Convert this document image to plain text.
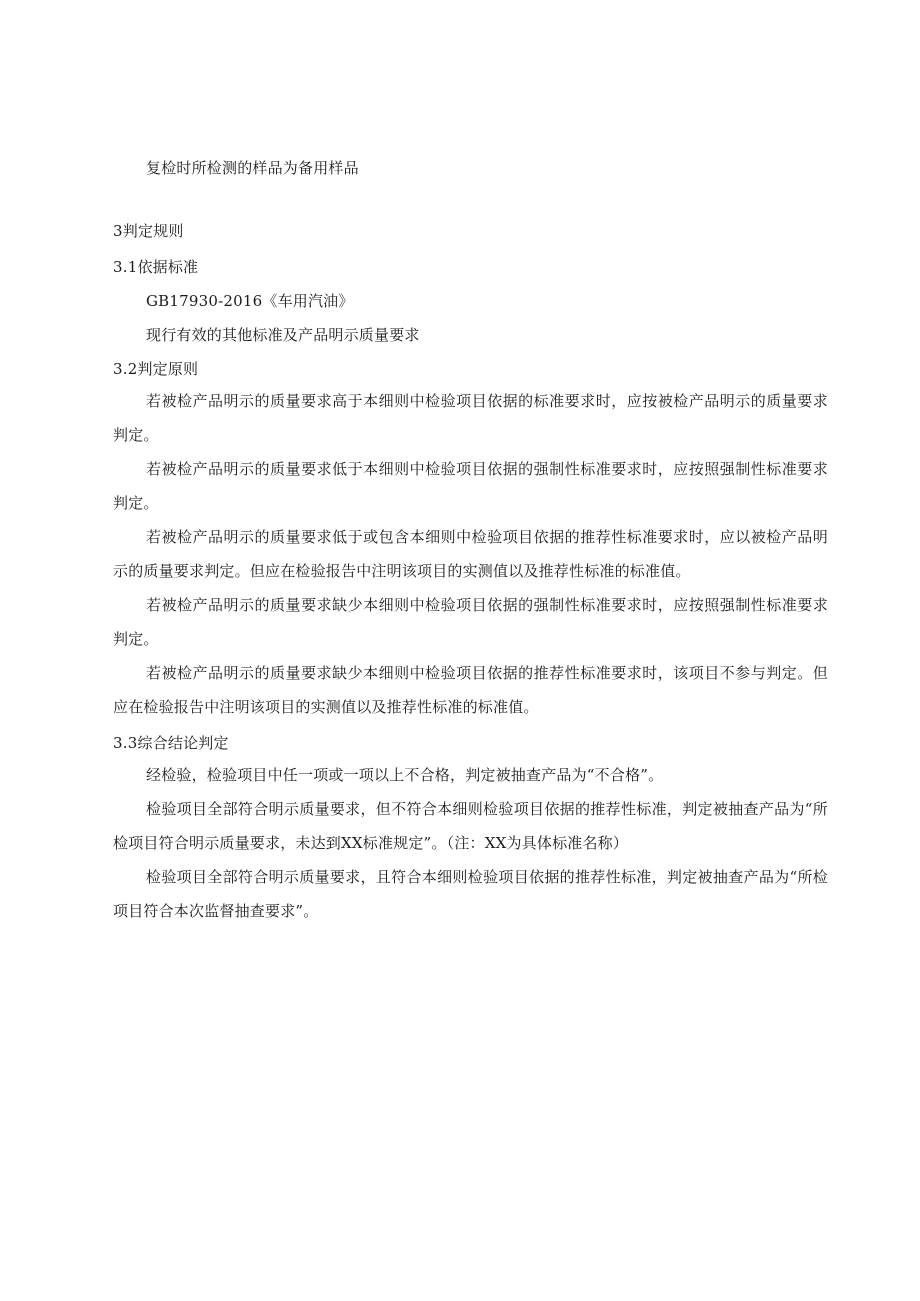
复检时所检测的样品为备用样品
3判定规则
3.1依据标准
GB17930-2016《车用汽油》
现行有效的其他标准及产品明示质量要求
3.2判定原则
若被检产品明示的质量要求高于本细则中检验项目依据的标准要求时，应按被检产品明示的质量要求判定。
若被检产品明示的质量要求低于本细则中检验项目依据的强制性标准要求时，应按照强制性标准要求判定。
若被检产品明示的质量要求低于或包含本细则中检验项目依据的推荐性标准要求时，应以被检产品明示的质量要求判定。但应在检验报告中注明该项目的实测值以及推荐性标准的标准值。
若被检产品明示的质量要求缺少本细则中检验项目依据的强制性标准要求时，应按照强制性标准要求判定。
若被检产品明示的质量要求缺少本细则中检验项目依据的推荐性标准要求时，该项目不参与判定。但应在检验报告中注明该项目的实测值以及推荐性标准的标准值。
3.3综合结论判定
经检验，检验项目中任一项或一项以上不合格，判定被抽查产品为“不合格”。
检验项目全部符合明示质量要求，但不符合本细则检验项目依据的推荐性标准，判定被抽查产品为“所检项目符合明示质量要求，未达到XX标准规定”。（注：XX为具体标准名称）
检验项目全部符合明示质量要求，且符合本细则检验项目依据的推荐性标准，判定被抽查产品为“所检项目符合本次监督抽查要求”。
